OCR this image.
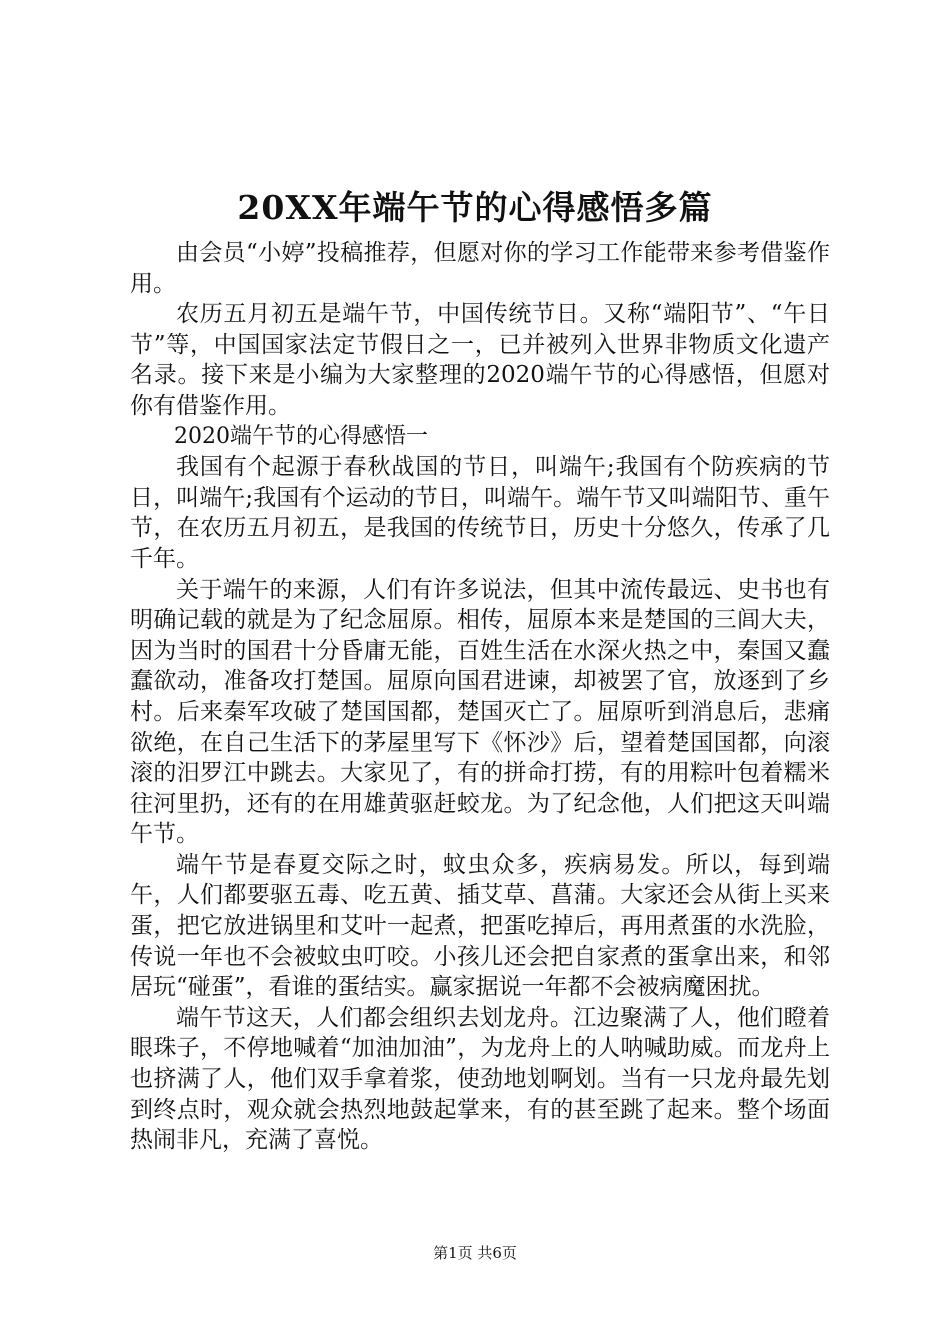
20XX年端午节的心得感悟多篇

由会员“小婷”投稿推荐，但愿对你的学习工作能带来参考借鉴作用。

农历五月初五是端午节，中国传统节日。又称“端阳节”、“午日节”等，中国国家法定节假日之一，已并被列入世界非物质文化遗产名录。接下来是小编为大家整理的2020端午节的心得感悟，但愿对你有借鉴作用。

2020端午节的心得感悟一

我国有个起源于春秋战国的节日，叫端午;我国有个防疾病的节日，叫端午;我国有个运动的节日，叫端午。端午节又叫端阳节、重午节，在农历五月初五，是我国的传统节日，历史十分悠久，传承了几千年。

关于端午的来源，人们有许多说法，但其中流传最远、史书也有明确记载的就是为了纪念屈原。相传，屈原本来是楚国的三闾大夫，因为当时的国君十分昏庸无能，百姓生活在水深火热之中，秦国又蠢蠢欲动，准备攻打楚国。屈原向国君进谏，却被罢了官，放逐到了乡村。后来秦军攻破了楚国国都，楚国灭亡了。屈原听到消息后，悲痛欲绝，在自己生活下的茅屋里写下《怀沙》后，望着楚国国都，向滚滚的汨罗江中跳去。大家见了，有的拼命打捞，有的用粽叶包着糯米往河里扔，还有的在用雄黄驱赶蛟龙。为了纪念他，人们把这天叫端午节。

端午节是春夏交际之时，蚊虫众多，疾病易发。所以，每到端午，人们都要驱五毒、吃五黄、插艾草、菖蒲。大家还会从街上买来蛋，把它放进锅里和艾叶一起煮，把蛋吃掉后，再用煮蛋的水洗脸，传说一年也不会被蚊虫叮咬。小孩儿还会把自家煮的蛋拿出来，和邻居玩“碰蛋”，看谁的蛋结实。赢家据说一年都不会被病魔困扰。

端午节这天，人们都会组织去划龙舟。江边聚满了人，他们瞪着眼珠子，不停地喊着“加油加油”，为龙舟上的人呐喊助威。而龙舟上也挤满了人，他们双手拿着浆，使劲地划啊划。当有一只龙舟最先划到终点时，观众就会热烈地鼓起掌来，有的甚至跳了起来。整个场面热闹非凡，充满了喜悦。

第1页 共6页
